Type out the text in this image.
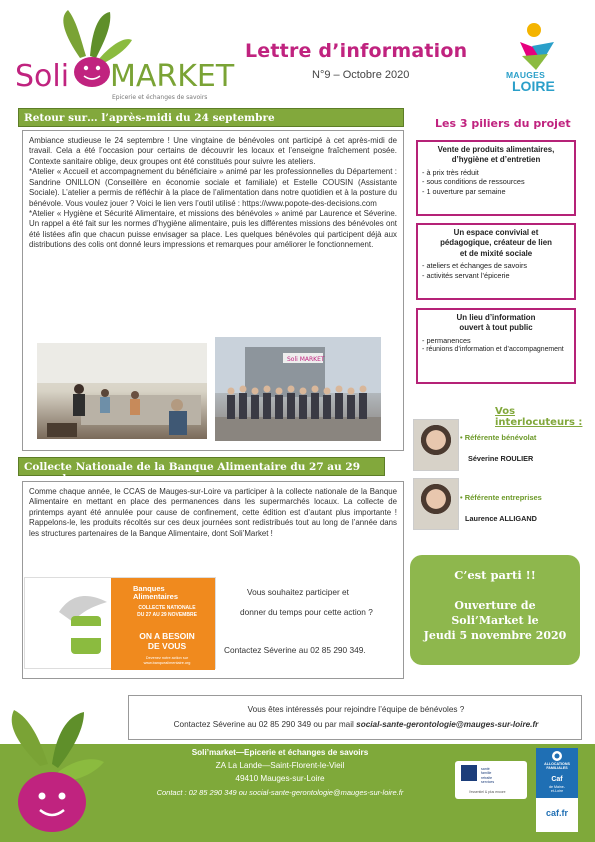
Soli MARKET
Epicerie et échanges de savoirs
Lettre d’information
N°9 – Octobre 2020	MAUGES
LOIRE
Retour sur… l’après-midi du 24 septembre

Ambiance studieuse le 24 septembre ! Une vingtaine de bénévoles ont participé à cet après-midi de travail. Cela a été l’occasion pour certains de découvrir les locaux et l’enseigne fraîchement posée. Contexte sanitaire oblige, deux groupes ont été constitués pour suivre les ateliers.

*Atelier « Accueil et accompagnement du bénéficiaire » animé par les professionnelles du Département : Sandrine ONILLON (Conseillère en économie sociale et familiale) et Estelle COUSIN (Assistante Sociale). L’atelier a permis de réfléchir à la place de l’alimentation dans notre quotidien et à la posture du bénévole. Vous voulez jouer ? Voici le lien vers l’outil utilisé : https://www.popote-des-decisions.com

*Atelier « Hygiène et Sécurité Alimentaire, et missions des bénévoles » animé par Laurence et Séverine. Un rappel a été fait sur les normes d’hygiène alimentaire, puis les différentes missions des bénévoles ont été listées afin que chacun puisse envisager sa place. Les quelques bénévoles qui participent déjà aux distributions des colis ont donné leurs impressions et remarques pour améliorer le fonctionnement.

Soli MARKET
Collecte Nationale de la Banque Alimentaire du 27 au 29 novembre

Comme chaque année, le CCAS de Mauges-sur-Loire va participer à la collecte nationale de la Banque Alimentaire en mettant en place des permanences dans les supermarchés locaux. La collecte de printemps ayant été annulée pour cause de confinement, cette édition est d’autant plus importante ! Rappelons-le, les produits récoltés sur ces deux journées sont redistribués tout au long de l’année dans les structures partenaires de la Banque Alimentaire, dont Soli’Market !

Banques
Alimentaires
COLLECTE NATIONALE
DU 27 AU 29 NOVEMBRE
ON A BESOIN
DE VOUS
Devenez notre action sur
www.banquealimentaire.org
Vous souhaitez participer et
donner du temps pour cette action ?
Contactez Séverine au 02 85 290 349.
Les 3 piliers du projet
Vente de produits alimentaires,
d’hygiène et d’entretien
- à prix très réduit
- sous conditions de ressources
- 1 ouverture par semaine
Un espace convivial et
pédagogique, créateur de lien
et de mixité sociale
- ateliers et échanges de savoirs
- activités servant l’épicerie
Un lieu d’information
ouvert à tout public
- permanences
- réunions d’information et d’accompagnement
Vos interlocuteurs :
• Référente bénévolat
Séverine ROULIER
• Référente entreprises
Laurence ALLIGAND
C’est parti !!
Ouverture de
Soli’Market le
Jeudi 5 novembre 2020
Vous êtes intéressés pour rejoindre l’équipe de bénévoles ?
Contactez Séverine au 02 85 290 349 ou par mail social-sante-gerontologie@mauges-sur-loire.fr
Soli’market—Epicerie et échanges de savoirs
ZA La Lande—Saint-Florent-le-Vieil
49410 Mauges-sur-Loire
Contact : 02 85 290 349 ou social-sante-gerontologie@mauges-sur-loire.fr
santé
famille
retraite
services
l’essentiel & plus encore
ALLOCATIONS
FAMILIALES
Caf
de Maine-
et-Loire
caf.fr
